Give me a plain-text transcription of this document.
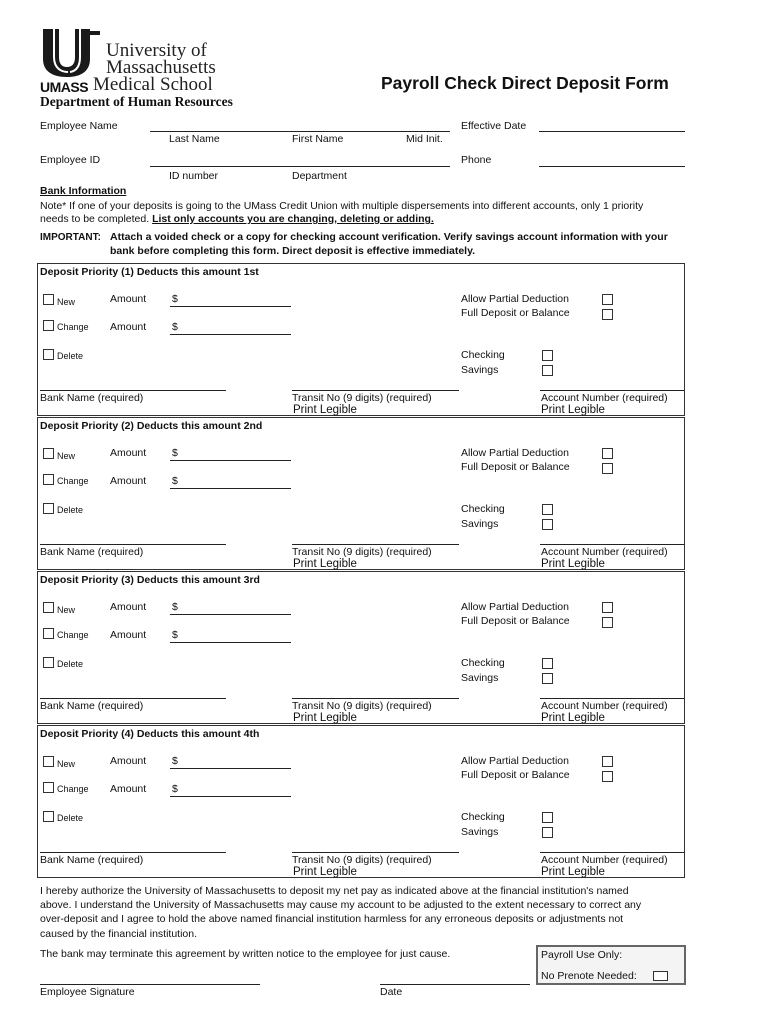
UMASS
University of
Massachusetts
Medical School
Department of Human Resources
Payroll Check Direct Deposit Form
Employee Name
Last Name	First Name	Mid Init.
Effective Date
Employee ID
ID number	Department
Phone
Bank Information
Note* If one of your deposits is going to the UMass Credit Union with multiple dispersements into different accounts, only 1 priority
needs to be completed. List only accounts you are changing, deleting or adding.
IMPORTANT: Attach a voided check or a copy for checking account verification. Verify savings account information with your
bank before completing this form. Direct deposit is effective immediately.
Deposit Priority (1) Deducts this amount 1st
New	Amount $
Change Amount $
Delete
Allow Partial Deduction
Full Deposit or Balance
Checking
Savings
Bank Name (required)	Transit No (9 digits) (required)
Print Legible
Account Number (required)
Print Legible
Deposit Priority (2) Deducts this amount 2nd
New	Amount $
Change Amount $
Delete
Allow Partial Deduction
Full Deposit or Balance
Checking
Savings
Bank Name (required)	Transit No (9 digits) (required)
Print Legible
Account Number (required)
Print Legible
Deposit Priority (3) Deducts this amount 3rd
New	Amount $
Change Amount $
Delete
Allow Partial Deduction
Full Deposit or Balance
Checking
Savings
Bank Name (required)	Transit No (9 digits) (required)
Print Legible
Account Number (required)
Print Legible
Deposit Priority (4) Deducts this amount 4th
New	Amount $
Change Amount $
Delete
Allow Partial Deduction
Full Deposit or Balance
Checking
Savings
Bank Name (required)	Transit No (9 digits) (required)
Print Legible
Account Number (required)
Print Legible
I hereby authorize the University of Massachusetts to deposit my net pay as indicated above at the financial institution's named
above. I understand the University of Massachusetts may cause my account to be adjusted to the extent necessary to correct any
over-deposit and I agree to hold the above named financial institution harmless for any erroneous deposits or adjustments not
caused by the financial institution.
The bank may terminate this agreement by written notice to the employee for just cause.	Payroll Use Only:
No Prenote Needed:
Employee Signature	Date
